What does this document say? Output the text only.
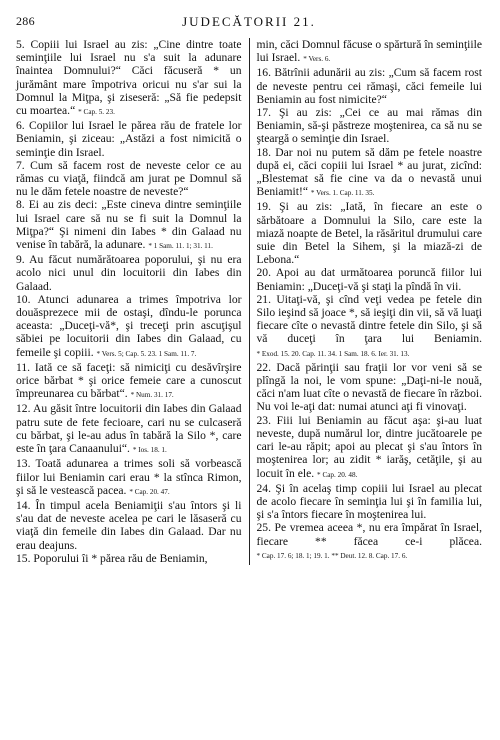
286	JUDECĂTORII 21.

5. Copiii lui Israel au zis: „Cine dintre toate seminţiile lui Israel nu s'a suit la adunare înaintea Domnului?“ Căci făcuseră * un jurământ mare împotriva oricui nu s'ar sui la Domnul la Miţpa, şi ziseseră: „Să fie pedepsit cu moartea.“ * Cap. 5. 23.

6. Copiilor lui Israel le părea rău de fratele lor Beniamin, şi ziceau: „Astăzi a fost nimicită o seminţie din Israel.

7. Cum să facem rost de neveste celor ce au rămas cu viaţă, fiindcă am jurat pe Domnul să nu le dăm fetele noastre de neveste?“

8. Ei au zis deci: „Este cineva dintre seminţiile lui Israel care să nu se fi suit la Domnul la Miţpa?“ Şi nimeni din Iabes * din Galaad nu venise în tabără, la adunare. * 1 Sam. 11. 1; 31. 11.

9. Au făcut numărătoarea poporului, şi nu era acolo nici unul din locuitorii din Iabes din Galaad.

10. Atunci adunarea a trimes împotriva lor douăsprezece mii de ostaşi, dîndu-le porunca aceasta: „Duceţi-vă*, şi treceţi prin ascuţişul săbiei pe locuitorii din Iabes din Galaad, cu femeile şi copiii. * Vers. 5; Cap. 5. 23. 1 Sam. 11. 7.

11. Iată ce să faceţi: să nimiciţi cu desăvîrşire orice bărbat * şi orice femeie care a cunoscut împreunarea cu bărbat“. * Num. 31. 17.

12. Au găsit între locuitorii din Iabes din Galaad patru sute de fete fecioare, cari nu se culcaseră cu bărbat, şi le-au adus în tabără la Silo *, care este în ţara Canaanului“. * Ios. 18. 1.

13. Toată adunarea a trimes soli să vorbească fiilor lui Beniamin cari erau * la stînca Rimon, şi să le vestească pacea. * Cap. 20. 47.

14. În timpul acela Beniamiţii s'au întors şi li s'au dat de neveste acelea pe cari le lăsaseră cu viaţă din femeile din Iabes din Galaad. Dar nu erau deajuns.

15. Poporului îi * părea rău de Beniamin,

min, căci Domnul făcuse o spărtură în seminţiile lui Israel. * Vers. 6.

16. Bătrînii adunării au zis: „Cum să facem rost de neveste pentru cei rămaşi, căci femeile lui Beniamin au fost nimicite?“

17. Şi au zis: „Cei ce au mai rămas din Beniamin, să-şi păstreze moştenirea, ca să nu se şteargă o seminţie din Israel.

18. Dar noi nu putem să dăm pe fetele noastre după ei, căci copiii lui Israel * au jurat, zicînd: „Blestemat să fie cine va da o nevastă unui Beniamit!“ * Vers. 1. Cap. 11. 35.

19. Şi au zis: „Iată, în fiecare an este o sărbătoare a Domnului la Silo, care este la miază noapte de Betel, la răsăritul drumului care suie din Betel la Sihem, şi la miază-zi de Lebona.“

20. Apoi au dat următoarea poruncă fiilor lui Beniamin: „Duceţi-vă şi staţi la pîndă în vii.

21. Uitaţi-vă, şi cînd veţi vedea pe fetele din Silo ieşind să joace *, să ieşiţi din vii, să vă luaţi fiecare cîte o nevastă dintre fetele din Silo, şi să vă duceţi în ţara lui Beniamin. * Exod. 15. 20. Cap. 11. 34. 1 Sam. 18. 6. Ier. 31. 13.

22. Dacă părinţii sau fraţii lor vor veni să se plîngă la noi, le vom spune: „Daţi-ni-le nouă, căci n'am luat cîte o nevastă de fiecare în război. Nu voi le-aţi dat: numai atunci aţi fi vinovaţi.

23. Fiii lui Beniamin au făcut aşa: şi-au luat neveste, după numărul lor, dintre jucătoarele pe cari le-au răpit; apoi au plecat şi s'au întors în moştenirea lor; au zidit * iarăş, cetăţile, şi au locuit în ele. * Cap. 20. 48.

24. Şi în acelaş timp copiii lui Israel au plecat de acolo fiecare în seminţia lui şi în familia lui, şi s'a întors fiecare în moştenirea lui.

25. Pe vremea aceea *, nu era împărat în Israel, fiecare ** făcea ce-i plăcea. * Cap. 17. 6; 18. 1; 19. 1. ** Deut. 12. 8. Cap. 17. 6.
